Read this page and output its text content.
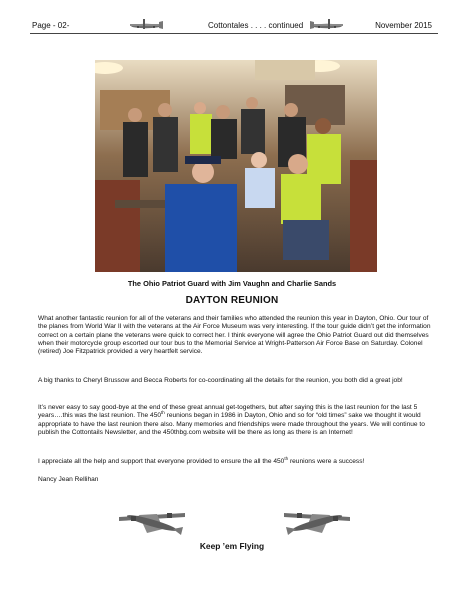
Page - 02-	Cottontales . . . . continued	November 2015
The Ohio Patriot Guard with Jim Vaughn and Charlie Sands
DAYTON REUNION
What another fantastic reunion for all of the veterans and their families who attended the reunion this year in Dayton, Ohio. Our tour of the planes from World War II with the veterans at the Air Force Museum was very interesting. If the tour guide didn’t get the information correct on a certain plane the veterans were quick to correct her. I think everyone will agree the Ohio Patriot Guard out did themselves when their motorcycle group escorted our tour bus to the Memorial Service at Wright-Patterson Air Force Base on Saturday. Colonel (retired) Joe Fitzpatrick provided a very heartfelt service.
A big thanks to Cheryl Brussow and Becca Roberts for co-coordinating all the details for the reunion, you both did a great job!
It’s never easy to say good-bye at the end of these great annual get-togethers, but after saying this is the last reunion for the last 5 years….this was the last reunion. The 450th reunions began in 1986 in Dayton, Ohio and so for “old times” sake we thought it would appropriate to have the last reunion there also. Many memories and friendships were made throughout the years. We will continue to publish the Cottontails Newsletter, and the 450thbg.com website will be there as long as there is an Internet!
I appreciate all the help and support that everyone provided to ensure the all the 450th reunions were a success!
Nancy Jean Rellihan
Keep ’em Flying
